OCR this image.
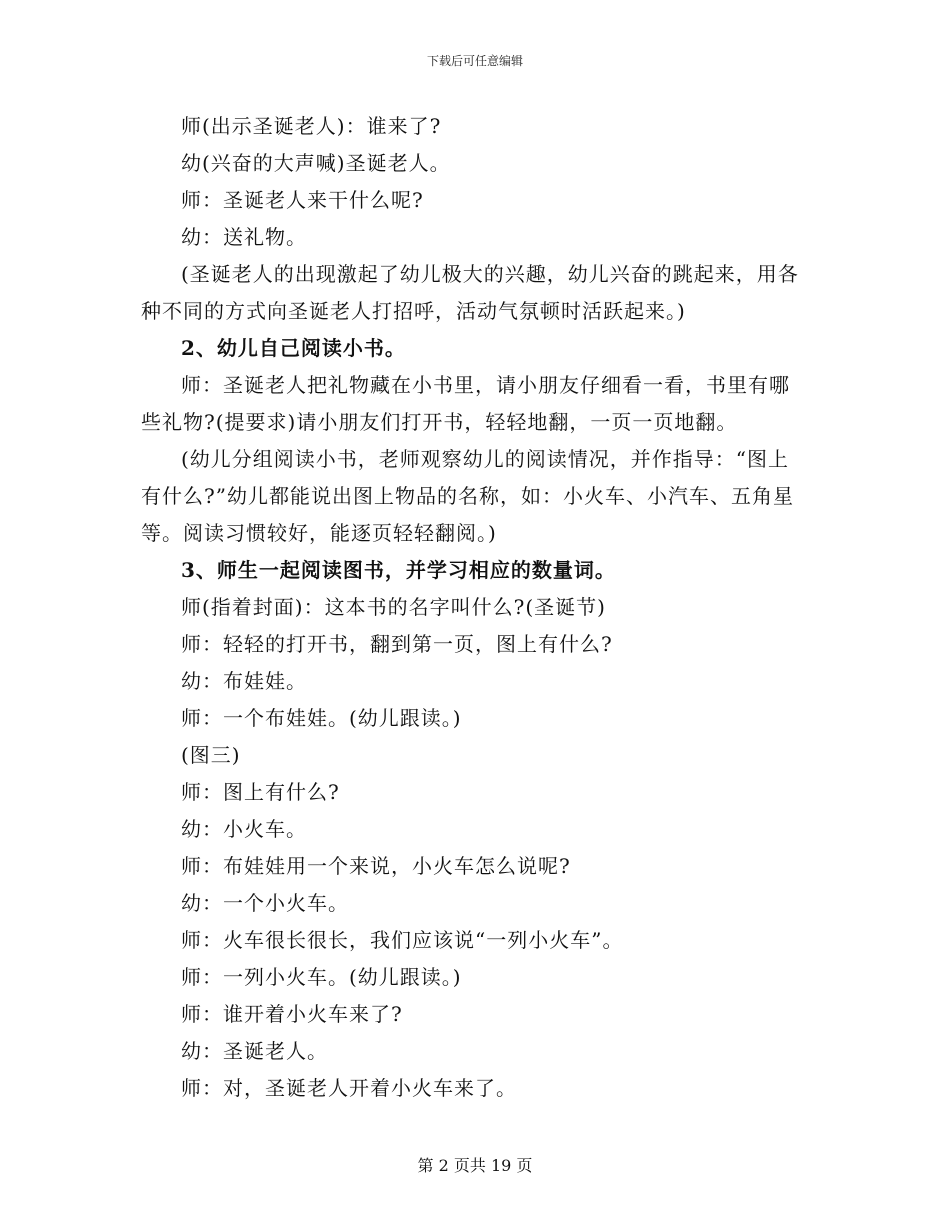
下载后可任意编辑

师(出示圣诞老人)：谁来了?

幼(兴奋的大声喊)圣诞老人。

师：圣诞老人来干什么呢?

幼：送礼物。

(圣诞老人的出现激起了幼儿极大的兴趣，幼儿兴奋的跳起来，用各种不同的方式向圣诞老人打招呼，活动气氛顿时活跃起来。)

2、幼儿自己阅读小书。

师：圣诞老人把礼物藏在小书里，请小朋友仔细看一看，书里有哪些礼物?(提要求)请小朋友们打开书，轻轻地翻，一页一页地翻。

(幼儿分组阅读小书，老师观察幼儿的阅读情况，并作指导：“图上有什么?”幼儿都能说出图上物品的名称，如：小火车、小汽车、五角星等。阅读习惯较好，能逐页轻轻翻阅。)

3、师生一起阅读图书，并学习相应的数量词。

师(指着封面)：这本书的名字叫什么?(圣诞节)

师：轻轻的打开书，翻到第一页，图上有什么?

幼：布娃娃。

师：一个布娃娃。(幼儿跟读。)

(图三)

师：图上有什么?

幼：小火车。

师：布娃娃用一个来说，小火车怎么说呢?

幼：一个小火车。

师：火车很长很长，我们应该说“一列小火车”。

师：一列小火车。(幼儿跟读。)

师：谁开着小火车来了?

幼：圣诞老人。

师：对，圣诞老人开着小火车来了。

第 2 页共 19 页
